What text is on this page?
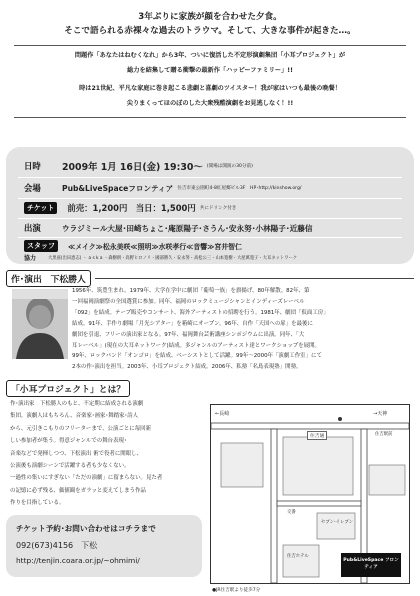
3年ぶりに家族が顔を合わせた夕食。
そこで語られる赤裸々な過去のトラウマ。そして、大きな事件が起きた…。
問題作「あなたはねむくなれ」から3年、ついに復活した不定形演劇集団「小耳プロジェクト」が
総力を結集して贈る衝撃の最新作「ハッピーファミリー」!!
時は21世紀、平凡な家庭に巻き起こる悲劇と喜劇のツイスター！我が家はいつも最後の晩餐！
尖りまくってほのぼのした大衆残酷演劇をお見逃しなく！!!
日時	2009年 1月 16日(金) 19:30～ (開場は開演の30分前)
会場	Pub&LiveSpaceフロンティア 住吉市東公園町4-8紅屋郷ビル3F　HP･http://kinshow.org/
チケット	前売：1,200円　当日：1,500円 共にドリンク付き
出演	ウラジミール大屋･田崎ちょこ･庵原陽子･さうん･安永努･小林陽子･近藤信
スタッフ	≪メイク≫松永美咲≪照明≫水咲孝行≪音響≫宮井智仁
協力	大黒座(出田恵志) ・ a s k a ・森樹朗・高野ヒロノリ・國部勝久・安永努・高松公三・山本寛樹・大屋萬寛子・大耳ネットワーク
作･演出　下松勝人
1956年、筑豊生まれ。1979年、大学在学中に劇団「葡萄一族」を旗揚げ、80年解散。82年、第
一回福岡演劇祭の全国選賞に参加。同年、福岡のロックミュージシャンとインディーズレーベル
「092」を結成。テープ販売やコンサート、海外アーティストの招聘を行う。1981年、劇団「仮面工房」
結成。91年、手作り劇場「月光シアター」を箱崎にオープン。96年、自作「天国への扉」を最後に
劇団を引退、フリーの演出家となる。97年、福岡舞台芸術講座シンポジウムに出演。同年、「大
耳レーベル」(現在の大耳ネットワーク)結成。多ジャンルのアーティスト達とワークショップを展開。
99年、ロックバンド「オンゴロ」を結成、ベーシストとして活躍。99年～2000年「演劇工作室」にて
2本の作･演出を担当。2003年、小耳プロジェクト結成。2006年、私塾「名島表現塾」開塾。
「小耳プロジェクト」とは？
作･演出家　下松勝人のもと、不定期に結成される演劇
集団。演劇人はもちろん、音楽家･画家･舞踏家･詩人
から、元引きこもりのフリーターまで、公演ごとに毎回新
しい参加者が集う。得意ジャンルでの舞台表現･
音楽などで発揮しつつ、下松演出 術で役者に開眼し、
公演後も演劇シーンで活躍する者も少なくない。
一過性の集いにすぎない「ただの演劇」に留まらない。見た者
の記憶に必ず残る、価値観をガラッと変えてしまう作品
作りを目指している。
チケット予約･お問い合わせはコチラまで
092(673)4156　下松
http://tenjin.coara.or.jp/~ohmimi/
←長崎	→天神
住吉通	住吉駅前
セブン-イレブン
交番
住吉ホテル
Pub&LiveSpace フロンティア
●JR住吉駅より徒歩7分
